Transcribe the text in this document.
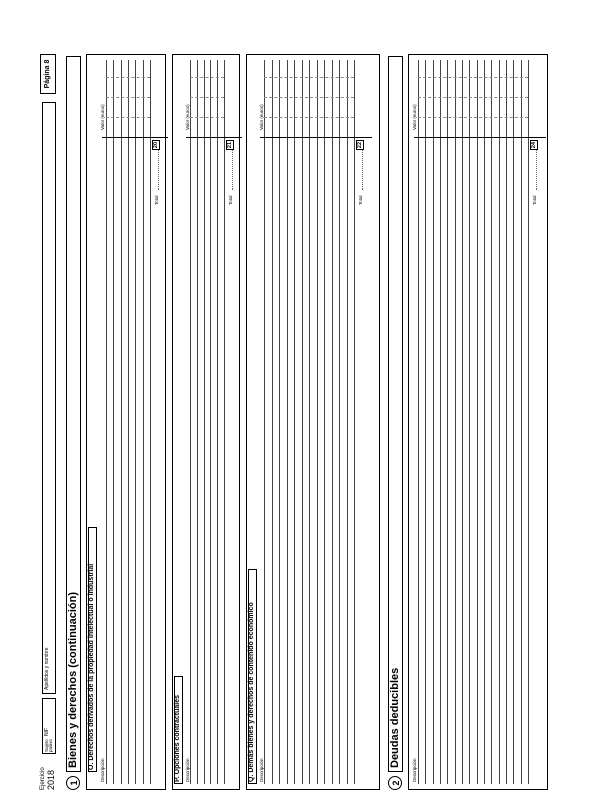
Ejercicio 2018
Sujeto pasivo
NIF
Apellidos y nombre
Página 8
1
Bienes y derechos (continuación) O. Derechos derivados de la propiedad intelectual o industrial
Descripción
Valor (euros)
Total
20
P. Opciones contractuales Descripción
Valor (euros)
Total
21
Q. Demás bienes y derechos de contenido económico Descripción
Valor (euros)
Total
22
2
Deudas deducibles
Descripción
Valor (euros)
Total
24
